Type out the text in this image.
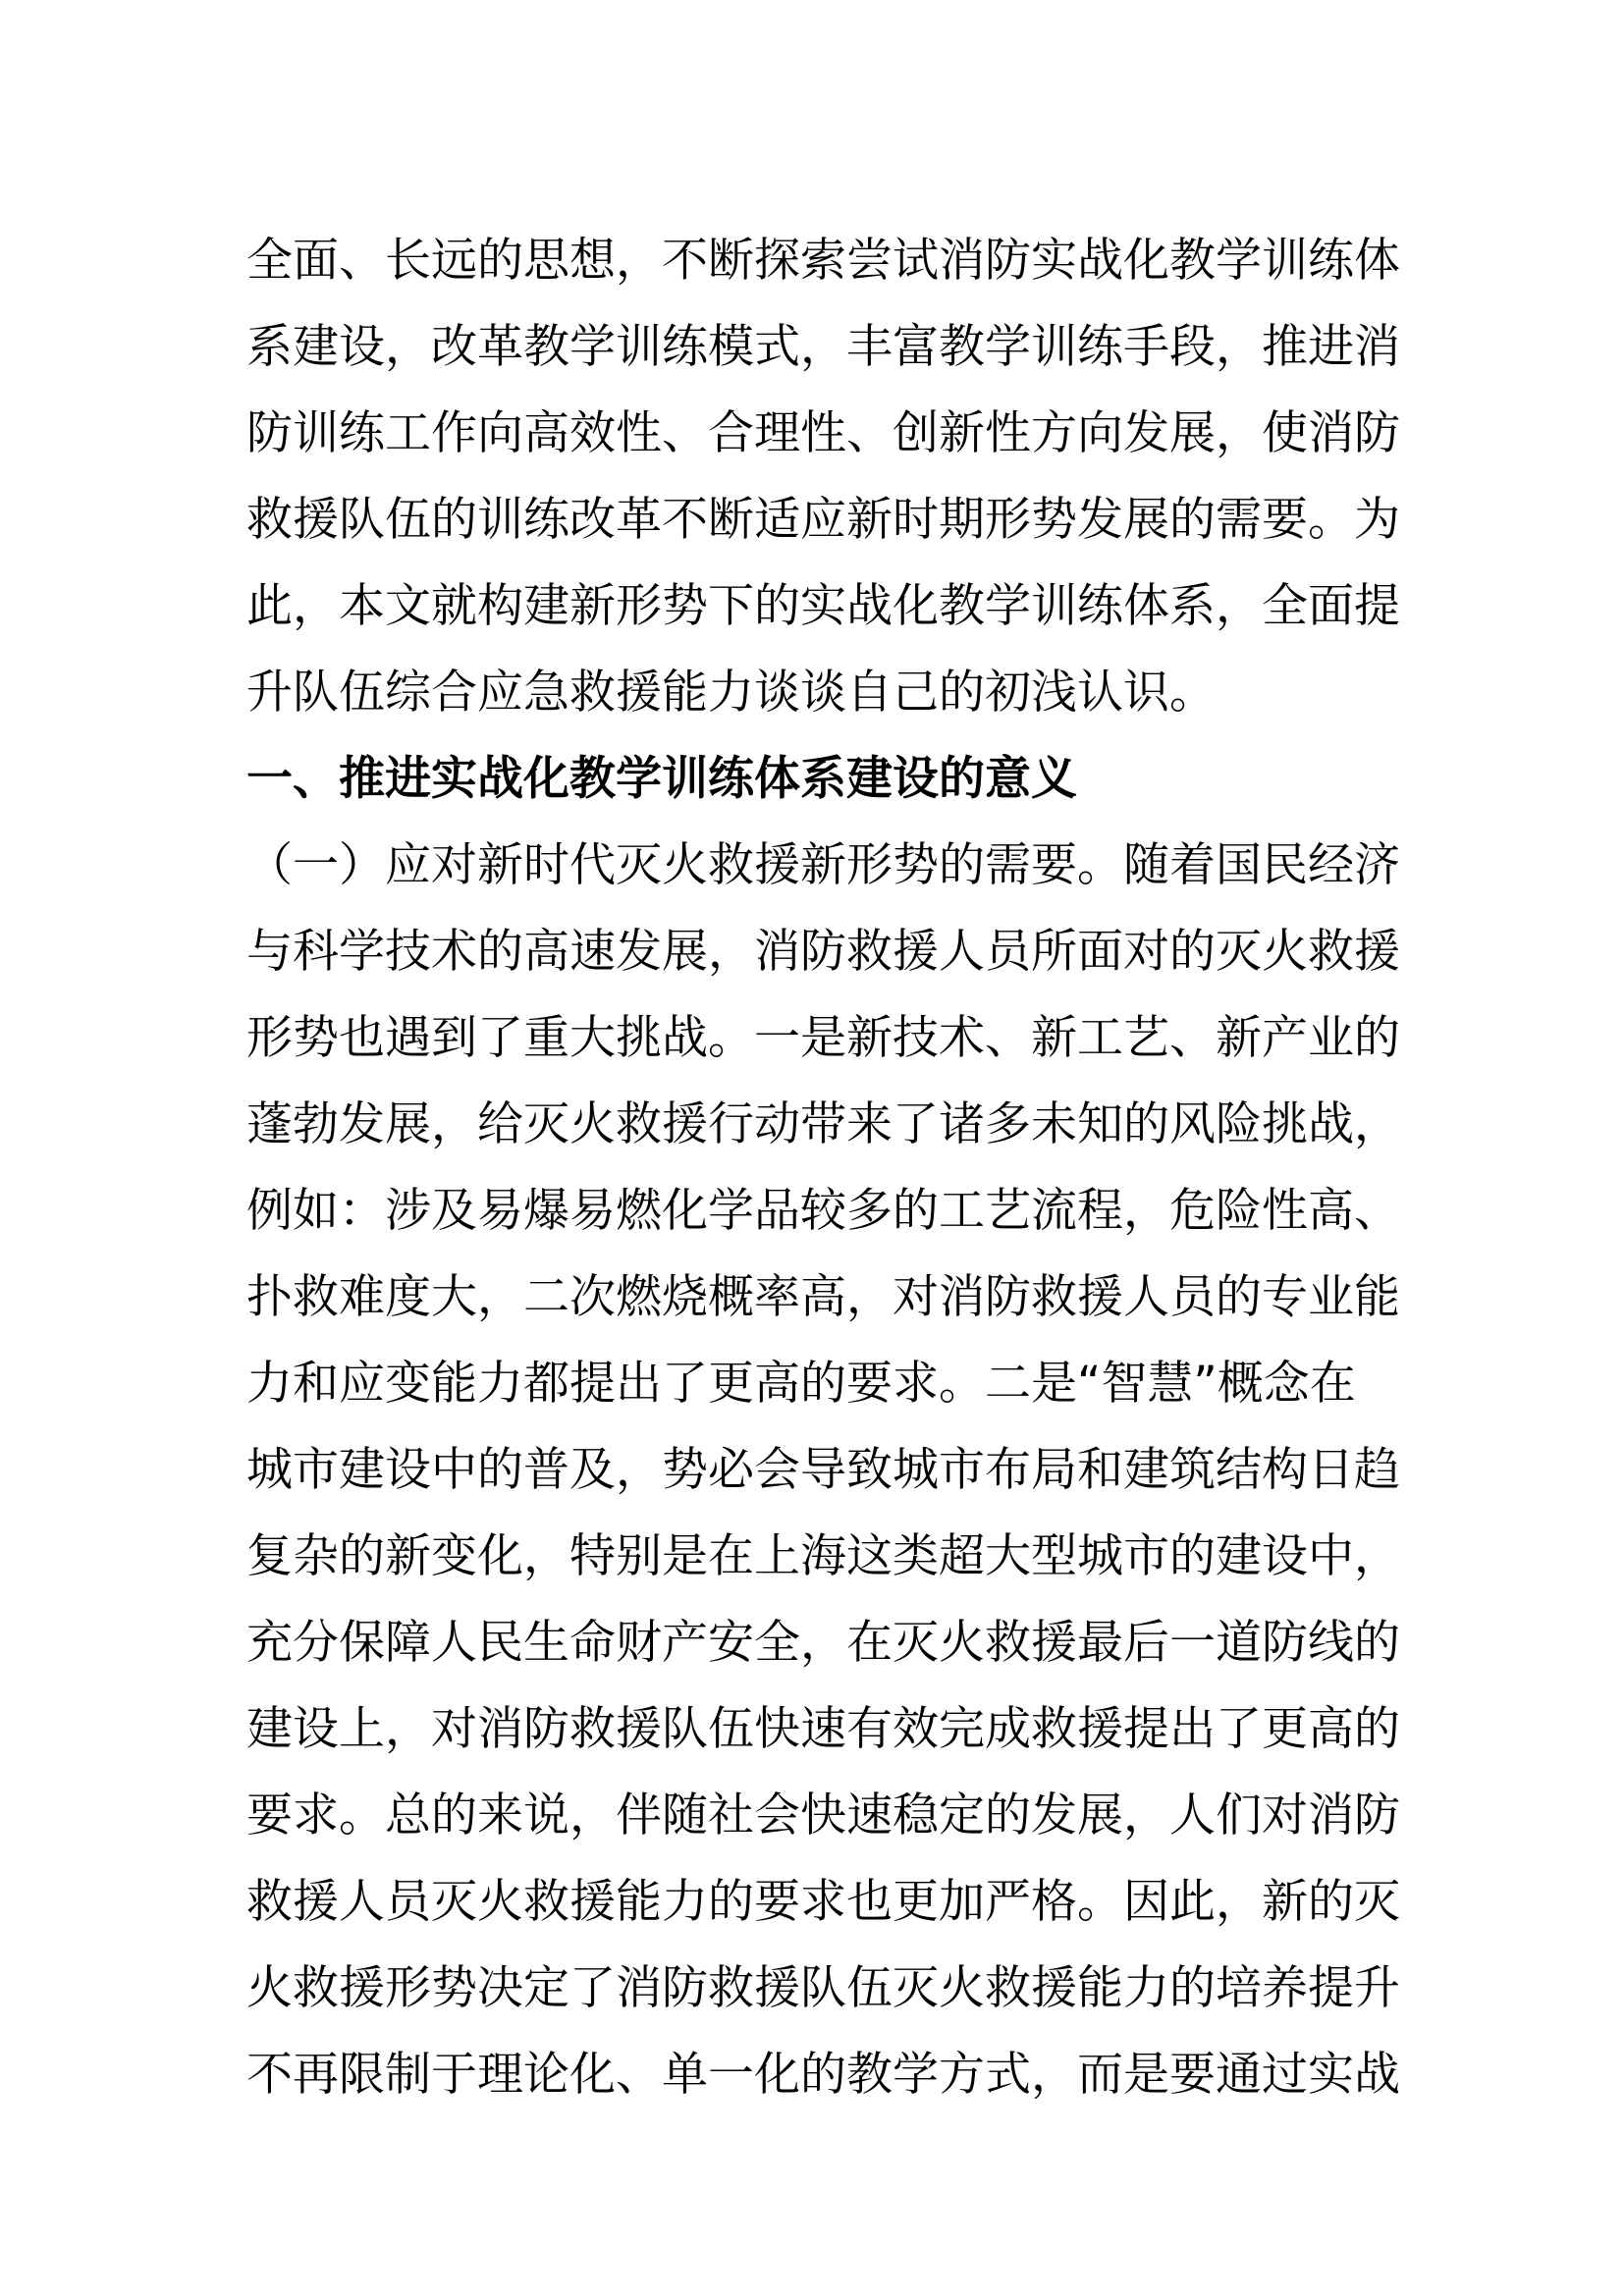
全面、长远的思想，不断探索尝试消防实战化教学训练体
系建设，改革教学训练模式，丰富教学训练手段，推进消
防训练工作向高效性、合理性、创新性方向发展，使消防
救援队伍的训练改革不断适应新时期形势发展的需要。为
此，本文就构建新形势下的实战化教学训练体系，全面提
升队伍综合应急救援能力谈谈自己的初浅认识。
一、推进实战化教学训练体系建设的意义
（一）应对新时代灭火救援新形势的需要。随着国民经济
与科学技术的高速发展，消防救援人员所面对的灭火救援
形势也遇到了重大挑战。一是新技术、新工艺、新产业的
蓬勃发展，给灭火救援行动带来了诸多未知的风险挑战，
例如：涉及易爆易燃化学品较多的工艺流程，危险性高、
扑救难度大，二次燃烧概率高，对消防救援人员的专业能
力和应变能力都提出了更高的要求。二是“智慧”概念在
城市建设中的普及，势必会导致城市布局和建筑结构日趋
复杂的新变化，特别是在上海这类超大型城市的建设中，
充分保障人民生命财产安全，在灭火救援最后一道防线的
建设上，对消防救援队伍快速有效完成救援提出了更高的
要求。总的来说，伴随社会快速稳定的发展，人们对消防
救援人员灭火救援能力的要求也更加严格。因此，新的灭
火救援形势决定了消防救援队伍灭火救援能力的培养提升
不再限制于理论化、单一化的教学方式，而是要通过实战
